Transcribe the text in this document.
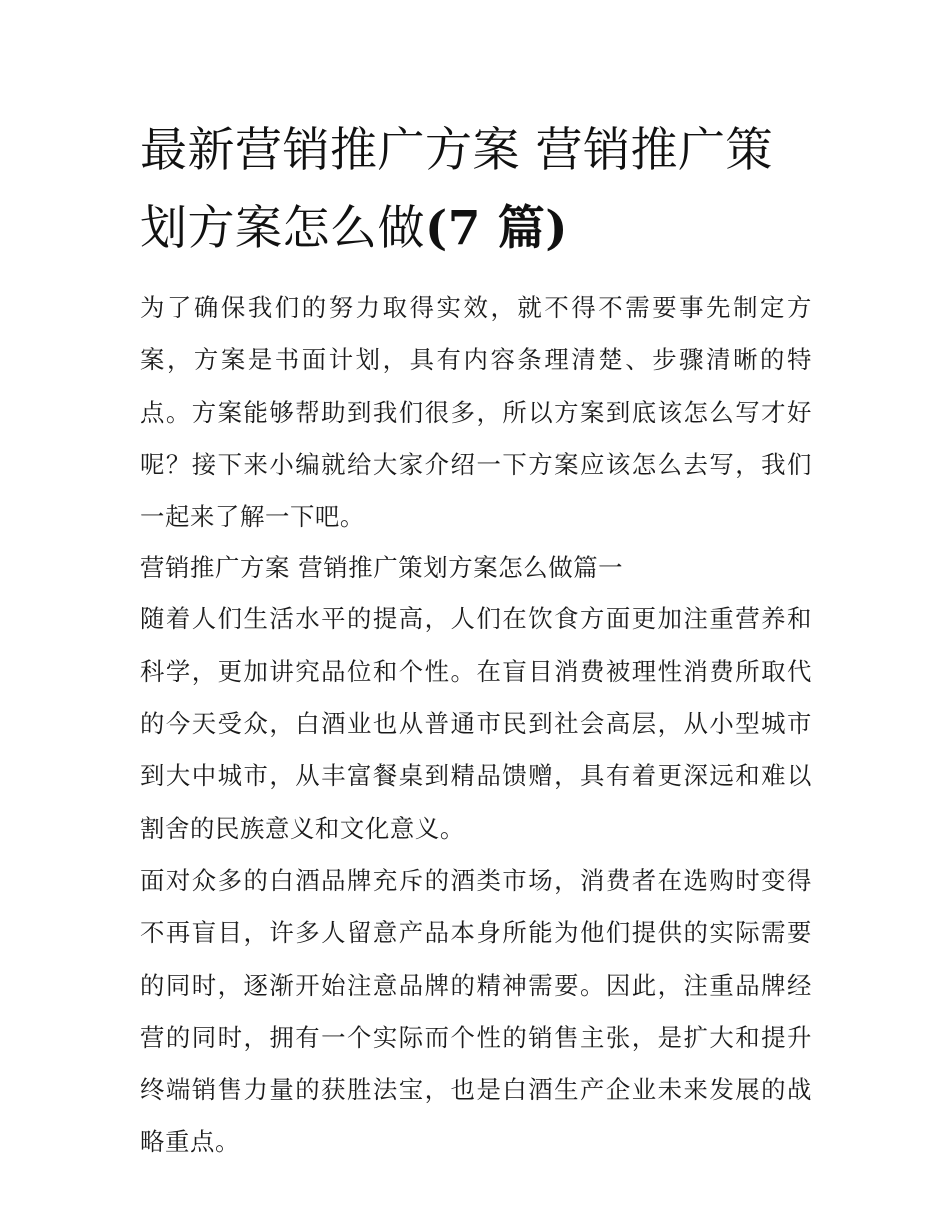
最新营销推广方案 营销推广策划方案怎么做(7 篇)

为了确保我们的努力取得实效，就不得不需要事先制定方案，方案是书面计划，具有内容条理清楚、步骤清晰的特点。方案能够帮助到我们很多，所以方案到底该怎么写才好呢？接下来小编就给大家介绍一下方案应该怎么去写，我们一起来了解一下吧。

营销推广方案 营销推广策划方案怎么做篇一

随着人们生活水平的提高，人们在饮食方面更加注重营养和科学，更加讲究品位和个性。在盲目消费被理性消费所取代的今天受众，白酒业也从普通市民到社会高层，从小型城市到大中城市，从丰富餐桌到精品馈赠，具有着更深远和难以割舍的民族意义和文化意义。

面对众多的白酒品牌充斥的酒类市场，消费者在选购时变得不再盲目，许多人留意产品本身所能为他们提供的实际需要的同时，逐渐开始注意品牌的精神需要。因此，注重品牌经营的同时，拥有一个实际而个性的销售主张，是扩大和提升终端销售力量的获胜法宝，也是白酒生产企业未来发展的战略重点。
